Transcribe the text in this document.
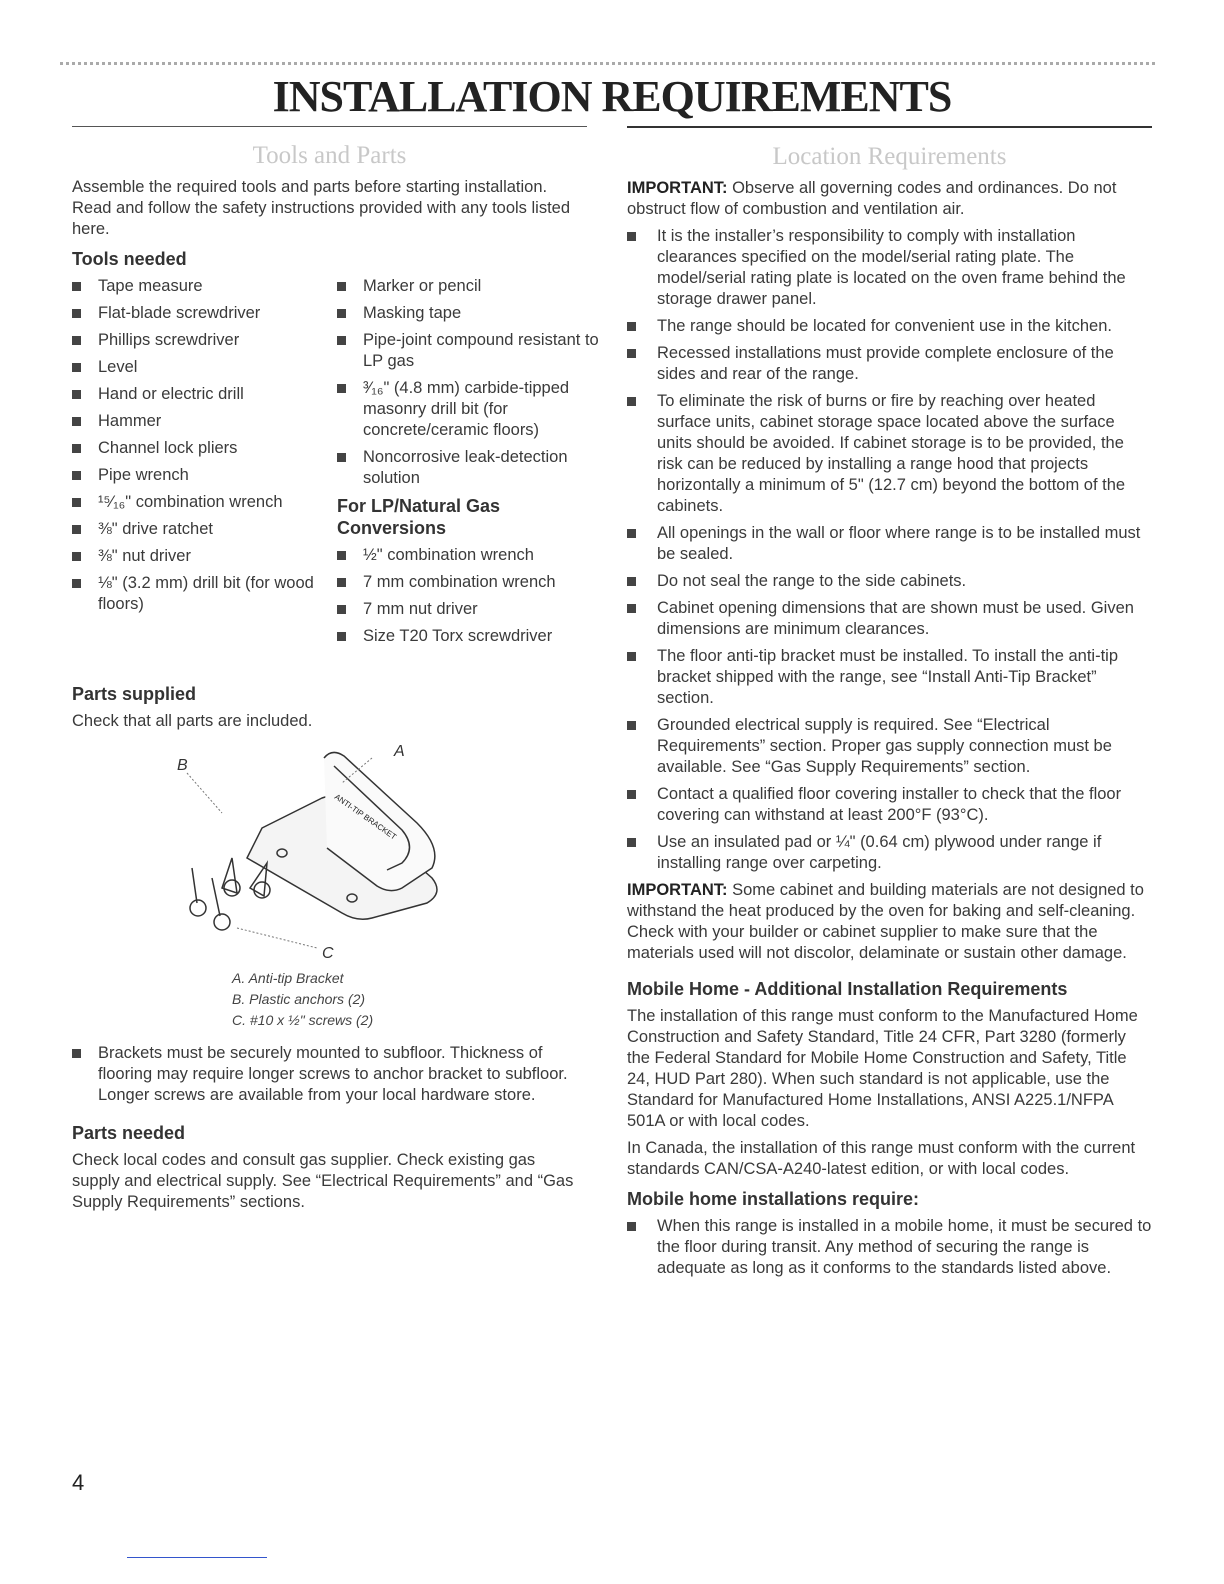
INSTALLATION REQUIREMENTS
Tools and Parts

Assemble the required tools and parts before starting installation. Read and follow the safety instructions provided with any tools listed here.

Tools needed
Tape measure
Flat-blade screwdriver
Phillips screwdriver
Level
Hand or electric drill
Hammer
Channel lock pliers
Pipe wrench
¹⁵⁄₁₆" combination wrench
⅜" drive ratchet
⅜" nut driver
⅛" (3.2 mm) drill bit (for wood floors)
Marker or pencil
Masking tape
Pipe-joint compound resistant to LP gas
³⁄₁₆" (4.8 mm) carbide-tipped masonry drill bit (for concrete/ceramic floors)
Noncorrosive leak-detection solution
For LP/Natural Gas Conversions
½" combination wrench
7 mm combination wrench
7 mm nut driver
Size T20 Torx screwdriver
Parts supplied

Check that all parts are included.

ANTI-TIP BRACKET
A
B
C
A. Anti-tip Bracket
B. Plastic anchors (2)
C. #10 x ½" screws (2)
Brackets must be securely mounted to subfloor. Thickness of flooring may require longer screws to anchor bracket to subfloor. Longer screws are available from your local hardware store.
Parts needed

Check local codes and consult gas supplier. Check existing gas supply and electrical supply. See “Electrical Requirements” and “Gas Supply Requirements” sections.

Location Requirements

IMPORTANT: Observe all governing codes and ordinances. Do not obstruct flow of combustion and ventilation air.

It is the installer’s responsibility to comply with installation clearances specified on the model/serial rating plate. The model/serial rating plate is located on the oven frame behind the storage drawer panel.
The range should be located for convenient use in the kitchen.
Recessed installations must provide complete enclosure of the sides and rear of the range.
To eliminate the risk of burns or fire by reaching over heated surface units, cabinet storage space located above the surface units should be avoided. If cabinet storage is to be provided, the risk can be reduced by installing a range hood that projects horizontally a minimum of 5" (12.7 cm) beyond the bottom of the cabinets.
All openings in the wall or floor where range is to be installed must be sealed.
Do not seal the range to the side cabinets.
Cabinet opening dimensions that are shown must be used. Given dimensions are minimum clearances.
The floor anti-tip bracket must be installed. To install the anti-tip bracket shipped with the range, see “Install Anti-Tip Bracket” section.
Grounded electrical supply is required. See “Electrical Requirements” section. Proper gas supply connection must be available. See “Gas Supply Requirements” section.
Contact a qualified floor covering installer to check that the floor covering can withstand at least 200°F (93°C).
Use an insulated pad or ¼" (0.64 cm) plywood under range if installing range over carpeting.

IMPORTANT: Some cabinet and building materials are not designed to withstand the heat produced by the oven for baking and self-cleaning. Check with your builder or cabinet supplier to make sure that the materials used will not discolor, delaminate or sustain other damage.

Mobile Home - Additional Installation Requirements

The installation of this range must conform to the Manufactured Home Construction and Safety Standard, Title 24 CFR, Part 3280 (formerly the Federal Standard for Mobile Home Construction and Safety, Title 24, HUD Part 280). When such standard is not applicable, use the Standard for Manufactured Home Installations, ANSI A225.1/NFPA 501A or with local codes.

In Canada, the installation of this range must conform with the current standards CAN/CSA-A240-latest edition, or with local codes.

Mobile home installations require:
When this range is installed in a mobile home, it must be secured to the floor during transit. Any method of securing the range is adequate as long as it conforms to the standards listed above.
4
